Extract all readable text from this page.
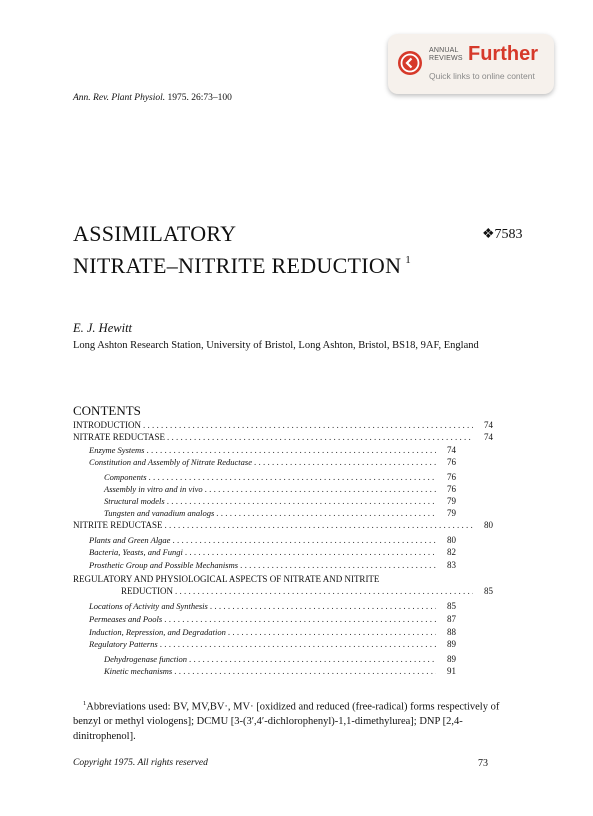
ANNUAL
REVIEWS Further
Quick links to online content
Ann. Rev. Plant Physiol. 1975. 26:73–100
ASSIMILATORY
NITRATE–NITRITE REDUCTION $^1$
❖7583
E. J. Hewitt
Long Ashton Research Station, University of Bristol, Long Ashton, Bristol, BS18, 9AF, England
CONTENTS
INTRODUCTION . . .	74
NITRATE REDUCTASE . . .	74
Enzyme Systems . . .	74
Constitution and Assembly of Nitrate Reductase . . .	76
Components . . .	76
Assembly in vitro and in vivo . . .	76
Structural models . . .	79
Tungsten and vanadium analogs . . .	79
NITRITE REDUCTASE . . .	80
Plants and Green Algae . . .	80
Bacteria, Yeasts, and Fungi . . .	82
Prosthetic Group and Possible Mechanisms . . .	83
REGULATORY AND PHYSIOLOGICAL ASPECTS OF NITRATE AND NITRITE
REDUCTION . . .	85
Locations of Activity and Synthesis . . .	85
Permeases and Pools . . .	87
Induction, Repression, and Degradation . . .	88
Regulatory Patterns . . .	89
Dehydrogenase function . . .	89
Kinetic mechanisms . . .	91
$^1$Abbreviations used: BV, MV,BV·, MV· [oxidized and reduced (free-radical) forms respectively of benzyl or methyl viologens]; DCMU [3-(3′,4′-dichlorophenyl)-1,1-dimethylurea]; DNP [2,4-dinitrophenol].
Copyright 1975. All rights reserved	73
